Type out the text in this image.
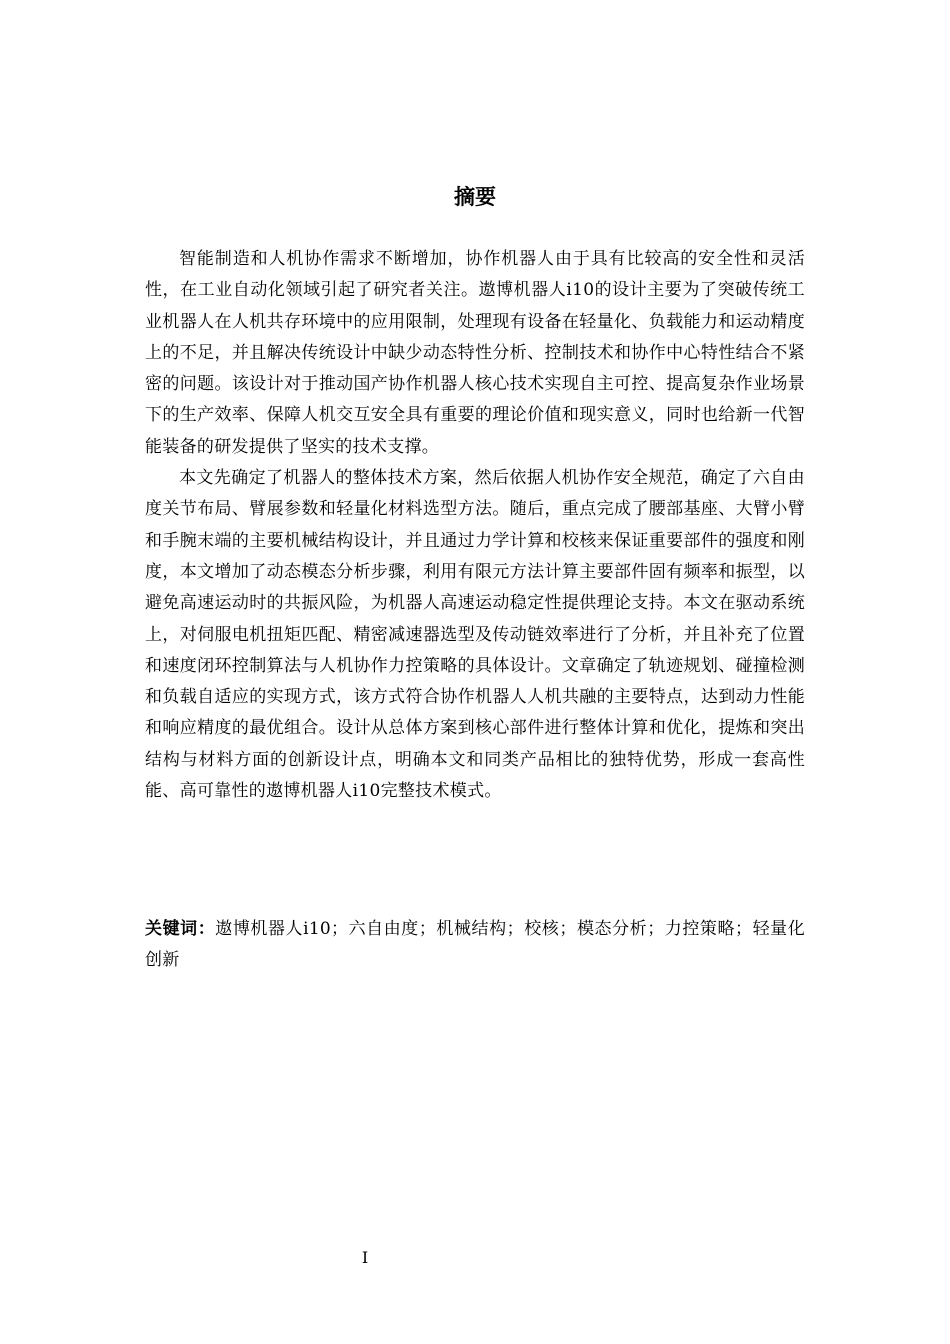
摘要

智能制造和人机协作需求不断增加，协作机器人由于具有比较高的安全性和灵活性，在工业自动化领域引起了研究者关注。遨博机器人i10的设计主要为了突破传统工业机器人在人机共存环境中的应用限制，处理现有设备在轻量化、负载能力和运动精度上的不足，并且解决传统设计中缺少动态特性分析、控制技术和协作中心特性结合不紧密的问题。该设计对于推动国产协作机器人核心技术实现自主可控、提高复杂作业场景下的生产效率、保障人机交互安全具有重要的理论价值和现实意义，同时也给新一代智能装备的研发提供了坚实的技术支撑。

本文先确定了机器人的整体技术方案，然后依据人机协作安全规范，确定了六自由度关节布局、臂展参数和轻量化材料选型方法。随后，重点完成了腰部基座、大臂小臂和手腕末端的主要机械结构设计，并且通过力学计算和校核来保证重要部件的强度和刚度，本文增加了动态模态分析步骤，利用有限元方法计算主要部件固有频率和振型，以避免高速运动时的共振风险，为机器人高速运动稳定性提供理论支持。本文在驱动系统上，对伺服电机扭矩匹配、精密减速器选型及传动链效率进行了分析，并且补充了位置和速度闭环控制算法与人机协作力控策略的具体设计。文章确定了轨迹规划、碰撞检测和负载自适应的实现方式，该方式符合协作机器人人机共融的主要特点，达到动力性能和响应精度的最优组合。设计从总体方案到核心部件进行整体计算和优化，提炼和突出结构与材料方面的创新设计点，明确本文和同类产品相比的独特优势，形成一套高性能、高可靠性的遨博机器人i10完整技术模式。

关键词：遨博机器人i10；六自由度；机械结构；校核；模态分析；力控策略；轻量化创新

I
